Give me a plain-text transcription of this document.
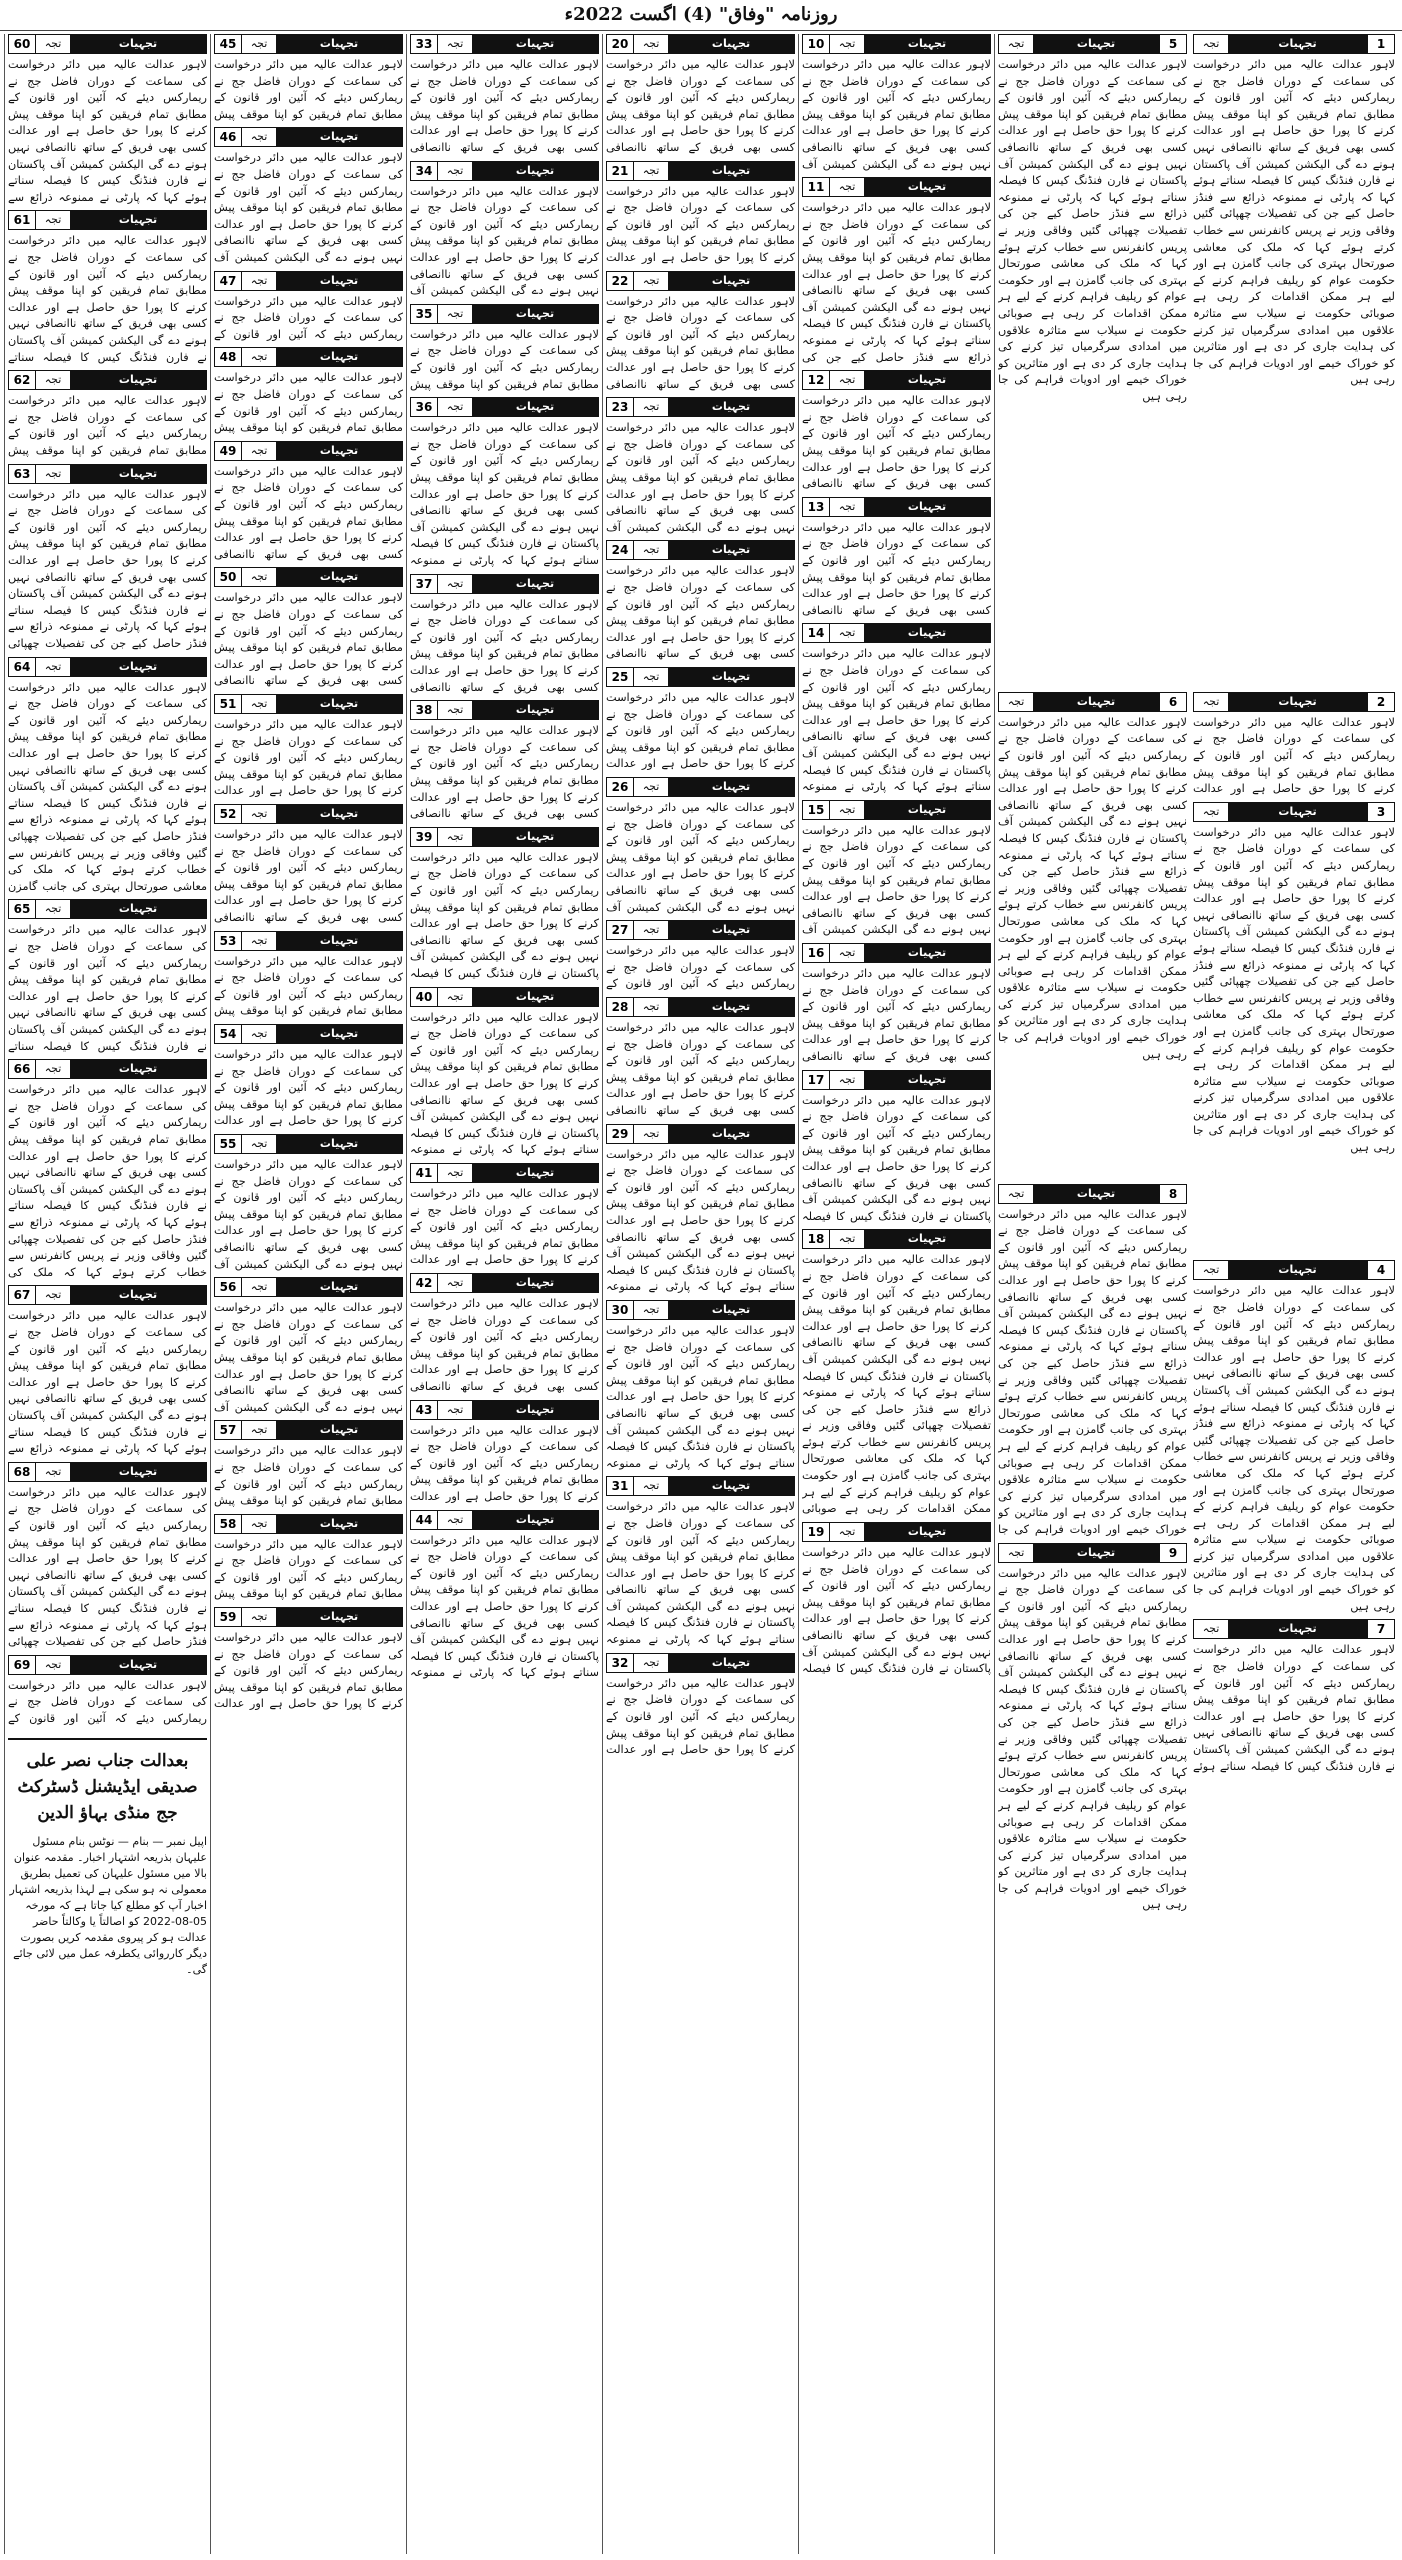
روزنامہ "وفاق" (4) اگست 2022ء
1
تجہیات
تجہ
لاہور عدالت عالیہ میں دائر درخواست کی سماعت کے دوران فاضل جج نے ریمارکس دیئے کہ آئین اور قانون کے مطابق تمام فریقین کو اپنا موقف پیش کرنے کا پورا حق حاصل ہے اور عدالت کسی بھی فریق کے ساتھ ناانصافی نہیں ہونے دے گی الیکشن کمیشن آف پاکستان نے فارن فنڈنگ کیس کا فیصلہ سناتے ہوئے کہا کہ پارٹی نے ممنوعہ ذرائع سے فنڈز حاصل کیے جن کی تفصیلات چھپائی گئیں وفاقی وزیر نے پریس کانفرنس سے خطاب کرتے ہوئے کہا کہ ملک کی معاشی صورتحال بہتری کی جانب گامزن ہے اور حکومت عوام کو ریلیف فراہم کرنے کے لیے ہر ممکن اقدامات کر رہی ہے صوبائی حکومت نے سیلاب سے متاثرہ علاقوں میں امدادی سرگرمیاں تیز کرنے کی ہدایت جاری کر دی ہے اور متاثرین کو خوراک خیمے اور ادویات فراہم کی جا رہی ہیں
2
تجہیات
تجہ
لاہور عدالت عالیہ میں دائر درخواست کی سماعت کے دوران فاضل جج نے ریمارکس دیئے کہ آئین اور قانون کے مطابق تمام فریقین کو اپنا موقف پیش کرنے کا پورا حق حاصل ہے اور عدالت
3
تجہیات
تجہ
لاہور عدالت عالیہ میں دائر درخواست کی سماعت کے دوران فاضل جج نے ریمارکس دیئے کہ آئین اور قانون کے مطابق تمام فریقین کو اپنا موقف پیش کرنے کا پورا حق حاصل ہے اور عدالت کسی بھی فریق کے ساتھ ناانصافی نہیں ہونے دے گی الیکشن کمیشن آف پاکستان نے فارن فنڈنگ کیس کا فیصلہ سناتے ہوئے کہا کہ پارٹی نے ممنوعہ ذرائع سے فنڈز حاصل کیے جن کی تفصیلات چھپائی گئیں وفاقی وزیر نے پریس کانفرنس سے خطاب کرتے ہوئے کہا کہ ملک کی معاشی صورتحال بہتری کی جانب گامزن ہے اور حکومت عوام کو ریلیف فراہم کرنے کے لیے ہر ممکن اقدامات کر رہی ہے صوبائی حکومت نے سیلاب سے متاثرہ علاقوں میں امدادی سرگرمیاں تیز کرنے کی ہدایت جاری کر دی ہے اور متاثرین کو خوراک خیمے اور ادویات فراہم کی جا رہی ہیں
4
تجہیات
تجہ
لاہور عدالت عالیہ میں دائر درخواست کی سماعت کے دوران فاضل جج نے ریمارکس دیئے کہ آئین اور قانون کے مطابق تمام فریقین کو اپنا موقف پیش کرنے کا پورا حق حاصل ہے اور عدالت کسی بھی فریق کے ساتھ ناانصافی نہیں ہونے دے گی الیکشن کمیشن آف پاکستان نے فارن فنڈنگ کیس کا فیصلہ سناتے ہوئے کہا کہ پارٹی نے ممنوعہ ذرائع سے فنڈز حاصل کیے جن کی تفصیلات چھپائی گئیں وفاقی وزیر نے پریس کانفرنس سے خطاب کرتے ہوئے کہا کہ ملک کی معاشی صورتحال بہتری کی جانب گامزن ہے اور حکومت عوام کو ریلیف فراہم کرنے کے لیے ہر ممکن اقدامات کر رہی ہے صوبائی حکومت نے سیلاب سے متاثرہ علاقوں میں امدادی سرگرمیاں تیز کرنے کی ہدایت جاری کر دی ہے اور متاثرین کو خوراک خیمے اور ادویات فراہم کی جا رہی ہیں
7
تجہیات
تجہ
لاہور عدالت عالیہ میں دائر درخواست کی سماعت کے دوران فاضل جج نے ریمارکس دیئے کہ آئین اور قانون کے مطابق تمام فریقین کو اپنا موقف پیش کرنے کا پورا حق حاصل ہے اور عدالت کسی بھی فریق کے ساتھ ناانصافی نہیں ہونے دے گی الیکشن کمیشن آف پاکستان نے فارن فنڈنگ کیس کا فیصلہ سناتے ہوئے
5
تجہیات
تجہ
لاہور عدالت عالیہ میں دائر درخواست کی سماعت کے دوران فاضل جج نے ریمارکس دیئے کہ آئین اور قانون کے مطابق تمام فریقین کو اپنا موقف پیش کرنے کا پورا حق حاصل ہے اور عدالت کسی بھی فریق کے ساتھ ناانصافی نہیں ہونے دے گی الیکشن کمیشن آف پاکستان نے فارن فنڈنگ کیس کا فیصلہ سناتے ہوئے کہا کہ پارٹی نے ممنوعہ ذرائع سے فنڈز حاصل کیے جن کی تفصیلات چھپائی گئیں وفاقی وزیر نے پریس کانفرنس سے خطاب کرتے ہوئے کہا کہ ملک کی معاشی صورتحال بہتری کی جانب گامزن ہے اور حکومت عوام کو ریلیف فراہم کرنے کے لیے ہر ممکن اقدامات کر رہی ہے صوبائی حکومت نے سیلاب سے متاثرہ علاقوں میں امدادی سرگرمیاں تیز کرنے کی ہدایت جاری کر دی ہے اور متاثرین کو خوراک خیمے اور ادویات فراہم کی جا رہی ہیں
6
تجہیات
تجہ
لاہور عدالت عالیہ میں دائر درخواست کی سماعت کے دوران فاضل جج نے ریمارکس دیئے کہ آئین اور قانون کے مطابق تمام فریقین کو اپنا موقف پیش کرنے کا پورا حق حاصل ہے اور عدالت کسی بھی فریق کے ساتھ ناانصافی نہیں ہونے دے گی الیکشن کمیشن آف پاکستان نے فارن فنڈنگ کیس کا فیصلہ سناتے ہوئے کہا کہ پارٹی نے ممنوعہ ذرائع سے فنڈز حاصل کیے جن کی تفصیلات چھپائی گئیں وفاقی وزیر نے پریس کانفرنس سے خطاب کرتے ہوئے کہا کہ ملک کی معاشی صورتحال بہتری کی جانب گامزن ہے اور حکومت عوام کو ریلیف فراہم کرنے کے لیے ہر ممکن اقدامات کر رہی ہے صوبائی حکومت نے سیلاب سے متاثرہ علاقوں میں امدادی سرگرمیاں تیز کرنے کی ہدایت جاری کر دی ہے اور متاثرین کو خوراک خیمے اور ادویات فراہم کی جا رہی ہیں
8
تجہیات
تجہ
لاہور عدالت عالیہ میں دائر درخواست کی سماعت کے دوران فاضل جج نے ریمارکس دیئے کہ آئین اور قانون کے مطابق تمام فریقین کو اپنا موقف پیش کرنے کا پورا حق حاصل ہے اور عدالت کسی بھی فریق کے ساتھ ناانصافی نہیں ہونے دے گی الیکشن کمیشن آف پاکستان نے فارن فنڈنگ کیس کا فیصلہ سناتے ہوئے کہا کہ پارٹی نے ممنوعہ ذرائع سے فنڈز حاصل کیے جن کی تفصیلات چھپائی گئیں وفاقی وزیر نے پریس کانفرنس سے خطاب کرتے ہوئے کہا کہ ملک کی معاشی صورتحال بہتری کی جانب گامزن ہے اور حکومت عوام کو ریلیف فراہم کرنے کے لیے ہر ممکن اقدامات کر رہی ہے صوبائی حکومت نے سیلاب سے متاثرہ علاقوں میں امدادی سرگرمیاں تیز کرنے کی ہدایت جاری کر دی ہے اور متاثرین کو خوراک خیمے اور ادویات فراہم کی جا
9
تجہیات
تجہ
لاہور عدالت عالیہ میں دائر درخواست کی سماعت کے دوران فاضل جج نے ریمارکس دیئے کہ آئین اور قانون کے مطابق تمام فریقین کو اپنا موقف پیش کرنے کا پورا حق حاصل ہے اور عدالت کسی بھی فریق کے ساتھ ناانصافی نہیں ہونے دے گی الیکشن کمیشن آف پاکستان نے فارن فنڈنگ کیس کا فیصلہ سناتے ہوئے کہا کہ پارٹی نے ممنوعہ ذرائع سے فنڈز حاصل کیے جن کی تفصیلات چھپائی گئیں وفاقی وزیر نے پریس کانفرنس سے خطاب کرتے ہوئے کہا کہ ملک کی معاشی صورتحال بہتری کی جانب گامزن ہے اور حکومت عوام کو ریلیف فراہم کرنے کے لیے ہر ممکن اقدامات کر رہی ہے صوبائی حکومت نے سیلاب سے متاثرہ علاقوں میں امدادی سرگرمیاں تیز کرنے کی ہدایت جاری کر دی ہے اور متاثرین کو خوراک خیمے اور ادویات فراہم کی جا رہی ہیں
10	تجہیات
تجہ
لاہور عدالت عالیہ میں دائر درخواست کی سماعت کے دوران فاضل جج نے ریمارکس دیئے کہ آئین اور قانون کے مطابق تمام فریقین کو اپنا موقف پیش کرنے کا پورا حق حاصل ہے اور عدالت کسی بھی فریق کے ساتھ ناانصافی نہیں ہونے دے گی الیکشن کمیشن آف
11	تجہیات
تجہ
لاہور عدالت عالیہ میں دائر درخواست کی سماعت کے دوران فاضل جج نے ریمارکس دیئے کہ آئین اور قانون کے مطابق تمام فریقین کو اپنا موقف پیش کرنے کا پورا حق حاصل ہے اور عدالت کسی بھی فریق کے ساتھ ناانصافی نہیں ہونے دے گی الیکشن کمیشن آف پاکستان نے فارن فنڈنگ کیس کا فیصلہ سناتے ہوئے کہا کہ پارٹی نے ممنوعہ ذرائع سے فنڈز حاصل کیے جن کی
12	تجہیات
تجہ
لاہور عدالت عالیہ میں دائر درخواست کی سماعت کے دوران فاضل جج نے ریمارکس دیئے کہ آئین اور قانون کے مطابق تمام فریقین کو اپنا موقف پیش کرنے کا پورا حق حاصل ہے اور عدالت کسی بھی فریق کے ساتھ ناانصافی
13	تجہیات
تجہ
لاہور عدالت عالیہ میں دائر درخواست کی سماعت کے دوران فاضل جج نے ریمارکس دیئے کہ آئین اور قانون کے مطابق تمام فریقین کو اپنا موقف پیش کرنے کا پورا حق حاصل ہے اور عدالت کسی بھی فریق کے ساتھ ناانصافی
14	تجہیات
تجہ
لاہور عدالت عالیہ میں دائر درخواست کی سماعت کے دوران فاضل جج نے ریمارکس دیئے کہ آئین اور قانون کے مطابق تمام فریقین کو اپنا موقف پیش کرنے کا پورا حق حاصل ہے اور عدالت کسی بھی فریق کے ساتھ ناانصافی نہیں ہونے دے گی الیکشن کمیشن آف پاکستان نے فارن فنڈنگ کیس کا فیصلہ سناتے ہوئے کہا کہ پارٹی نے ممنوعہ
15	تجہیات
تجہ
لاہور عدالت عالیہ میں دائر درخواست کی سماعت کے دوران فاضل جج نے ریمارکس دیئے کہ آئین اور قانون کے مطابق تمام فریقین کو اپنا موقف پیش کرنے کا پورا حق حاصل ہے اور عدالت کسی بھی فریق کے ساتھ ناانصافی نہیں ہونے دے گی الیکشن کمیشن آف
16	تجہیات
تجہ
لاہور عدالت عالیہ میں دائر درخواست کی سماعت کے دوران فاضل جج نے ریمارکس دیئے کہ آئین اور قانون کے مطابق تمام فریقین کو اپنا موقف پیش کرنے کا پورا حق حاصل ہے اور عدالت کسی بھی فریق کے ساتھ ناانصافی
17	تجہیات
تجہ
لاہور عدالت عالیہ میں دائر درخواست کی سماعت کے دوران فاضل جج نے ریمارکس دیئے کہ آئین اور قانون کے مطابق تمام فریقین کو اپنا موقف پیش کرنے کا پورا حق حاصل ہے اور عدالت کسی بھی فریق کے ساتھ ناانصافی نہیں ہونے دے گی الیکشن کمیشن آف پاکستان نے فارن فنڈنگ کیس کا فیصلہ
18	تجہیات
تجہ
لاہور عدالت عالیہ میں دائر درخواست کی سماعت کے دوران فاضل جج نے ریمارکس دیئے کہ آئین اور قانون کے مطابق تمام فریقین کو اپنا موقف پیش کرنے کا پورا حق حاصل ہے اور عدالت کسی بھی فریق کے ساتھ ناانصافی نہیں ہونے دے گی الیکشن کمیشن آف پاکستان نے فارن فنڈنگ کیس کا فیصلہ سناتے ہوئے کہا کہ پارٹی نے ممنوعہ ذرائع سے فنڈز حاصل کیے جن کی تفصیلات چھپائی گئیں وفاقی وزیر نے پریس کانفرنس سے خطاب کرتے ہوئے کہا کہ ملک کی معاشی صورتحال بہتری کی جانب گامزن ہے اور حکومت عوام کو ریلیف فراہم کرنے کے لیے ہر ممکن اقدامات کر رہی ہے صوبائی
19	تجہیات
تجہ
لاہور عدالت عالیہ میں دائر درخواست کی سماعت کے دوران فاضل جج نے ریمارکس دیئے کہ آئین اور قانون کے مطابق تمام فریقین کو اپنا موقف پیش کرنے کا پورا حق حاصل ہے اور عدالت کسی بھی فریق کے ساتھ ناانصافی نہیں ہونے دے گی الیکشن کمیشن آف پاکستان نے فارن فنڈنگ کیس کا فیصلہ
20	تجہیات
تجہ
لاہور عدالت عالیہ میں دائر درخواست کی سماعت کے دوران فاضل جج نے ریمارکس دیئے کہ آئین اور قانون کے مطابق تمام فریقین کو اپنا موقف پیش کرنے کا پورا حق حاصل ہے اور عدالت کسی بھی فریق کے ساتھ ناانصافی
21	تجہیات
تجہ
لاہور عدالت عالیہ میں دائر درخواست کی سماعت کے دوران فاضل جج نے ریمارکس دیئے کہ آئین اور قانون کے مطابق تمام فریقین کو اپنا موقف پیش کرنے کا پورا حق حاصل ہے اور عدالت
22	تجہیات
تجہ
لاہور عدالت عالیہ میں دائر درخواست کی سماعت کے دوران فاضل جج نے ریمارکس دیئے کہ آئین اور قانون کے مطابق تمام فریقین کو اپنا موقف پیش کرنے کا پورا حق حاصل ہے اور عدالت کسی بھی فریق کے ساتھ ناانصافی
23	تجہیات
تجہ
لاہور عدالت عالیہ میں دائر درخواست کی سماعت کے دوران فاضل جج نے ریمارکس دیئے کہ آئین اور قانون کے مطابق تمام فریقین کو اپنا موقف پیش کرنے کا پورا حق حاصل ہے اور عدالت کسی بھی فریق کے ساتھ ناانصافی نہیں ہونے دے گی الیکشن کمیشن آف
24	تجہیات
تجہ
لاہور عدالت عالیہ میں دائر درخواست کی سماعت کے دوران فاضل جج نے ریمارکس دیئے کہ آئین اور قانون کے مطابق تمام فریقین کو اپنا موقف پیش کرنے کا پورا حق حاصل ہے اور عدالت کسی بھی فریق کے ساتھ ناانصافی
25	تجہیات
تجہ
لاہور عدالت عالیہ میں دائر درخواست کی سماعت کے دوران فاضل جج نے ریمارکس دیئے کہ آئین اور قانون کے مطابق تمام فریقین کو اپنا موقف پیش کرنے کا پورا حق حاصل ہے اور عدالت
26	تجہیات
تجہ
لاہور عدالت عالیہ میں دائر درخواست کی سماعت کے دوران فاضل جج نے ریمارکس دیئے کہ آئین اور قانون کے مطابق تمام فریقین کو اپنا موقف پیش کرنے کا پورا حق حاصل ہے اور عدالت کسی بھی فریق کے ساتھ ناانصافی نہیں ہونے دے گی الیکشن کمیشن آف
27	تجہیات
تجہ
لاہور عدالت عالیہ میں دائر درخواست کی سماعت کے دوران فاضل جج نے ریمارکس دیئے کہ آئین اور قانون کے
28	تجہیات
تجہ
لاہور عدالت عالیہ میں دائر درخواست کی سماعت کے دوران فاضل جج نے ریمارکس دیئے کہ آئین اور قانون کے مطابق تمام فریقین کو اپنا موقف پیش کرنے کا پورا حق حاصل ہے اور عدالت کسی بھی فریق کے ساتھ ناانصافی
29	تجہیات
تجہ
لاہور عدالت عالیہ میں دائر درخواست کی سماعت کے دوران فاضل جج نے ریمارکس دیئے کہ آئین اور قانون کے مطابق تمام فریقین کو اپنا موقف پیش کرنے کا پورا حق حاصل ہے اور عدالت کسی بھی فریق کے ساتھ ناانصافی نہیں ہونے دے گی الیکشن کمیشن آف پاکستان نے فارن فنڈنگ کیس کا فیصلہ سناتے ہوئے کہا کہ پارٹی نے ممنوعہ
30	تجہیات
تجہ
لاہور عدالت عالیہ میں دائر درخواست کی سماعت کے دوران فاضل جج نے ریمارکس دیئے کہ آئین اور قانون کے مطابق تمام فریقین کو اپنا موقف پیش کرنے کا پورا حق حاصل ہے اور عدالت کسی بھی فریق کے ساتھ ناانصافی نہیں ہونے دے گی الیکشن کمیشن آف پاکستان نے فارن فنڈنگ کیس کا فیصلہ سناتے ہوئے کہا کہ پارٹی نے ممنوعہ
31	تجہیات
تجہ
لاہور عدالت عالیہ میں دائر درخواست کی سماعت کے دوران فاضل جج نے ریمارکس دیئے کہ آئین اور قانون کے مطابق تمام فریقین کو اپنا موقف پیش کرنے کا پورا حق حاصل ہے اور عدالت کسی بھی فریق کے ساتھ ناانصافی نہیں ہونے دے گی الیکشن کمیشن آف پاکستان نے فارن فنڈنگ کیس کا فیصلہ سناتے ہوئے کہا کہ پارٹی نے ممنوعہ
32	تجہیات
تجہ
لاہور عدالت عالیہ میں دائر درخواست کی سماعت کے دوران فاضل جج نے ریمارکس دیئے کہ آئین اور قانون کے مطابق تمام فریقین کو اپنا موقف پیش کرنے کا پورا حق حاصل ہے اور عدالت
33	تجہیات
تجہ
لاہور عدالت عالیہ میں دائر درخواست کی سماعت کے دوران فاضل جج نے ریمارکس دیئے کہ آئین اور قانون کے مطابق تمام فریقین کو اپنا موقف پیش کرنے کا پورا حق حاصل ہے اور عدالت کسی بھی فریق کے ساتھ ناانصافی
34	تجہیات
تجہ
لاہور عدالت عالیہ میں دائر درخواست کی سماعت کے دوران فاضل جج نے ریمارکس دیئے کہ آئین اور قانون کے مطابق تمام فریقین کو اپنا موقف پیش کرنے کا پورا حق حاصل ہے اور عدالت کسی بھی فریق کے ساتھ ناانصافی نہیں ہونے دے گی الیکشن کمیشن آف
35	تجہیات
تجہ
لاہور عدالت عالیہ میں دائر درخواست کی سماعت کے دوران فاضل جج نے ریمارکس دیئے کہ آئین اور قانون کے مطابق تمام فریقین کو اپنا موقف پیش
36	تجہیات
تجہ
لاہور عدالت عالیہ میں دائر درخواست کی سماعت کے دوران فاضل جج نے ریمارکس دیئے کہ آئین اور قانون کے مطابق تمام فریقین کو اپنا موقف پیش کرنے کا پورا حق حاصل ہے اور عدالت کسی بھی فریق کے ساتھ ناانصافی نہیں ہونے دے گی الیکشن کمیشن آف پاکستان نے فارن فنڈنگ کیس کا فیصلہ سناتے ہوئے کہا کہ پارٹی نے ممنوعہ
37	تجہیات
تجہ
لاہور عدالت عالیہ میں دائر درخواست کی سماعت کے دوران فاضل جج نے ریمارکس دیئے کہ آئین اور قانون کے مطابق تمام فریقین کو اپنا موقف پیش کرنے کا پورا حق حاصل ہے اور عدالت کسی بھی فریق کے ساتھ ناانصافی
38	تجہیات
تجہ
لاہور عدالت عالیہ میں دائر درخواست کی سماعت کے دوران فاضل جج نے ریمارکس دیئے کہ آئین اور قانون کے مطابق تمام فریقین کو اپنا موقف پیش کرنے کا پورا حق حاصل ہے اور عدالت کسی بھی فریق کے ساتھ ناانصافی
39	تجہیات
تجہ
لاہور عدالت عالیہ میں دائر درخواست کی سماعت کے دوران فاضل جج نے ریمارکس دیئے کہ آئین اور قانون کے مطابق تمام فریقین کو اپنا موقف پیش کرنے کا پورا حق حاصل ہے اور عدالت کسی بھی فریق کے ساتھ ناانصافی نہیں ہونے دے گی الیکشن کمیشن آف پاکستان نے فارن فنڈنگ کیس کا فیصلہ
40	تجہیات
تجہ
لاہور عدالت عالیہ میں دائر درخواست کی سماعت کے دوران فاضل جج نے ریمارکس دیئے کہ آئین اور قانون کے مطابق تمام فریقین کو اپنا موقف پیش کرنے کا پورا حق حاصل ہے اور عدالت کسی بھی فریق کے ساتھ ناانصافی نہیں ہونے دے گی الیکشن کمیشن آف پاکستان نے فارن فنڈنگ کیس کا فیصلہ سناتے ہوئے کہا کہ پارٹی نے ممنوعہ
41	تجہیات
تجہ
لاہور عدالت عالیہ میں دائر درخواست کی سماعت کے دوران فاضل جج نے ریمارکس دیئے کہ آئین اور قانون کے مطابق تمام فریقین کو اپنا موقف پیش کرنے کا پورا حق حاصل ہے اور عدالت
42	تجہیات
تجہ
لاہور عدالت عالیہ میں دائر درخواست کی سماعت کے دوران فاضل جج نے ریمارکس دیئے کہ آئین اور قانون کے مطابق تمام فریقین کو اپنا موقف پیش کرنے کا پورا حق حاصل ہے اور عدالت کسی بھی فریق کے ساتھ ناانصافی
43	تجہیات
تجہ
لاہور عدالت عالیہ میں دائر درخواست کی سماعت کے دوران فاضل جج نے ریمارکس دیئے کہ آئین اور قانون کے مطابق تمام فریقین کو اپنا موقف پیش کرنے کا پورا حق حاصل ہے اور عدالت
44	تجہیات
تجہ
لاہور عدالت عالیہ میں دائر درخواست کی سماعت کے دوران فاضل جج نے ریمارکس دیئے کہ آئین اور قانون کے مطابق تمام فریقین کو اپنا موقف پیش کرنے کا پورا حق حاصل ہے اور عدالت کسی بھی فریق کے ساتھ ناانصافی نہیں ہونے دے گی الیکشن کمیشن آف پاکستان نے فارن فنڈنگ کیس کا فیصلہ سناتے ہوئے کہا کہ پارٹی نے ممنوعہ
45	تجہیات
تجہ
لاہور عدالت عالیہ میں دائر درخواست کی سماعت کے دوران فاضل جج نے ریمارکس دیئے کہ آئین اور قانون کے مطابق تمام فریقین کو اپنا موقف پیش
46	تجہیات
تجہ
لاہور عدالت عالیہ میں دائر درخواست کی سماعت کے دوران فاضل جج نے ریمارکس دیئے کہ آئین اور قانون کے مطابق تمام فریقین کو اپنا موقف پیش کرنے کا پورا حق حاصل ہے اور عدالت کسی بھی فریق کے ساتھ ناانصافی نہیں ہونے دے گی الیکشن کمیشن آف
47	تجہیات
تجہ
لاہور عدالت عالیہ میں دائر درخواست کی سماعت کے دوران فاضل جج نے ریمارکس دیئے کہ آئین اور قانون کے
48	تجہیات
تجہ
لاہور عدالت عالیہ میں دائر درخواست کی سماعت کے دوران فاضل جج نے ریمارکس دیئے کہ آئین اور قانون کے مطابق تمام فریقین کو اپنا موقف پیش
49	تجہیات
تجہ
لاہور عدالت عالیہ میں دائر درخواست کی سماعت کے دوران فاضل جج نے ریمارکس دیئے کہ آئین اور قانون کے مطابق تمام فریقین کو اپنا موقف پیش کرنے کا پورا حق حاصل ہے اور عدالت کسی بھی فریق کے ساتھ ناانصافی
50	تجہیات
تجہ
لاہور عدالت عالیہ میں دائر درخواست کی سماعت کے دوران فاضل جج نے ریمارکس دیئے کہ آئین اور قانون کے مطابق تمام فریقین کو اپنا موقف پیش کرنے کا پورا حق حاصل ہے اور عدالت کسی بھی فریق کے ساتھ ناانصافی
51	تجہیات
تجہ
لاہور عدالت عالیہ میں دائر درخواست کی سماعت کے دوران فاضل جج نے ریمارکس دیئے کہ آئین اور قانون کے مطابق تمام فریقین کو اپنا موقف پیش کرنے کا پورا حق حاصل ہے اور عدالت
52	تجہیات
تجہ
لاہور عدالت عالیہ میں دائر درخواست کی سماعت کے دوران فاضل جج نے ریمارکس دیئے کہ آئین اور قانون کے مطابق تمام فریقین کو اپنا موقف پیش کرنے کا پورا حق حاصل ہے اور عدالت کسی بھی فریق کے ساتھ ناانصافی
53	تجہیات
تجہ
لاہور عدالت عالیہ میں دائر درخواست کی سماعت کے دوران فاضل جج نے ریمارکس دیئے کہ آئین اور قانون کے مطابق تمام فریقین کو اپنا موقف پیش
54	تجہیات
تجہ
لاہور عدالت عالیہ میں دائر درخواست کی سماعت کے دوران فاضل جج نے ریمارکس دیئے کہ آئین اور قانون کے مطابق تمام فریقین کو اپنا موقف پیش کرنے کا پورا حق حاصل ہے اور عدالت
55	تجہیات
تجہ
لاہور عدالت عالیہ میں دائر درخواست کی سماعت کے دوران فاضل جج نے ریمارکس دیئے کہ آئین اور قانون کے مطابق تمام فریقین کو اپنا موقف پیش کرنے کا پورا حق حاصل ہے اور عدالت کسی بھی فریق کے ساتھ ناانصافی نہیں ہونے دے گی الیکشن کمیشن آف
56	تجہیات
تجہ
لاہور عدالت عالیہ میں دائر درخواست کی سماعت کے دوران فاضل جج نے ریمارکس دیئے کہ آئین اور قانون کے مطابق تمام فریقین کو اپنا موقف پیش کرنے کا پورا حق حاصل ہے اور عدالت کسی بھی فریق کے ساتھ ناانصافی نہیں ہونے دے گی الیکشن کمیشن آف
57	تجہیات
تجہ
لاہور عدالت عالیہ میں دائر درخواست کی سماعت کے دوران فاضل جج نے ریمارکس دیئے کہ آئین اور قانون کے مطابق تمام فریقین کو اپنا موقف پیش
58	تجہیات
تجہ
لاہور عدالت عالیہ میں دائر درخواست کی سماعت کے دوران فاضل جج نے ریمارکس دیئے کہ آئین اور قانون کے مطابق تمام فریقین کو اپنا موقف پیش
59	تجہیات
تجہ
لاہور عدالت عالیہ میں دائر درخواست کی سماعت کے دوران فاضل جج نے ریمارکس دیئے کہ آئین اور قانون کے مطابق تمام فریقین کو اپنا موقف پیش کرنے کا پورا حق حاصل ہے اور عدالت
60	تجہیات
تجہ
لاہور عدالت عالیہ میں دائر درخواست کی سماعت کے دوران فاضل جج نے ریمارکس دیئے کہ آئین اور قانون کے مطابق تمام فریقین کو اپنا موقف پیش کرنے کا پورا حق حاصل ہے اور عدالت کسی بھی فریق کے ساتھ ناانصافی نہیں ہونے دے گی الیکشن کمیشن آف پاکستان نے فارن فنڈنگ کیس کا فیصلہ سناتے ہوئے کہا کہ پارٹی نے ممنوعہ ذرائع سے
61	تجہیات
تجہ
لاہور عدالت عالیہ میں دائر درخواست کی سماعت کے دوران فاضل جج نے ریمارکس دیئے کہ آئین اور قانون کے مطابق تمام فریقین کو اپنا موقف پیش کرنے کا پورا حق حاصل ہے اور عدالت کسی بھی فریق کے ساتھ ناانصافی نہیں ہونے دے گی الیکشن کمیشن آف پاکستان نے فارن فنڈنگ کیس کا فیصلہ سناتے
62	تجہیات
تجہ
لاہور عدالت عالیہ میں دائر درخواست کی سماعت کے دوران فاضل جج نے ریمارکس دیئے کہ آئین اور قانون کے مطابق تمام فریقین کو اپنا موقف پیش
63	تجہیات
تجہ
لاہور عدالت عالیہ میں دائر درخواست کی سماعت کے دوران فاضل جج نے ریمارکس دیئے کہ آئین اور قانون کے مطابق تمام فریقین کو اپنا موقف پیش کرنے کا پورا حق حاصل ہے اور عدالت کسی بھی فریق کے ساتھ ناانصافی نہیں ہونے دے گی الیکشن کمیشن آف پاکستان نے فارن فنڈنگ کیس کا فیصلہ سناتے ہوئے کہا کہ پارٹی نے ممنوعہ ذرائع سے فنڈز حاصل کیے جن کی تفصیلات چھپائی
64	تجہیات
تجہ
لاہور عدالت عالیہ میں دائر درخواست کی سماعت کے دوران فاضل جج نے ریمارکس دیئے کہ آئین اور قانون کے مطابق تمام فریقین کو اپنا موقف پیش کرنے کا پورا حق حاصل ہے اور عدالت کسی بھی فریق کے ساتھ ناانصافی نہیں ہونے دے گی الیکشن کمیشن آف پاکستان نے فارن فنڈنگ کیس کا فیصلہ سناتے ہوئے کہا کہ پارٹی نے ممنوعہ ذرائع سے فنڈز حاصل کیے جن کی تفصیلات چھپائی گئیں وفاقی وزیر نے پریس کانفرنس سے خطاب کرتے ہوئے کہا کہ ملک کی معاشی صورتحال بہتری کی جانب گامزن
65	تجہیات
تجہ
لاہور عدالت عالیہ میں دائر درخواست کی سماعت کے دوران فاضل جج نے ریمارکس دیئے کہ آئین اور قانون کے مطابق تمام فریقین کو اپنا موقف پیش کرنے کا پورا حق حاصل ہے اور عدالت کسی بھی فریق کے ساتھ ناانصافی نہیں ہونے دے گی الیکشن کمیشن آف پاکستان نے فارن فنڈنگ کیس کا فیصلہ سناتے
66	تجہیات
تجہ
لاہور عدالت عالیہ میں دائر درخواست کی سماعت کے دوران فاضل جج نے ریمارکس دیئے کہ آئین اور قانون کے مطابق تمام فریقین کو اپنا موقف پیش کرنے کا پورا حق حاصل ہے اور عدالت کسی بھی فریق کے ساتھ ناانصافی نہیں ہونے دے گی الیکشن کمیشن آف پاکستان نے فارن فنڈنگ کیس کا فیصلہ سناتے ہوئے کہا کہ پارٹی نے ممنوعہ ذرائع سے فنڈز حاصل کیے جن کی تفصیلات چھپائی گئیں وفاقی وزیر نے پریس کانفرنس سے خطاب کرتے ہوئے کہا کہ ملک کی
67	تجہیات
تجہ
لاہور عدالت عالیہ میں دائر درخواست کی سماعت کے دوران فاضل جج نے ریمارکس دیئے کہ آئین اور قانون کے مطابق تمام فریقین کو اپنا موقف پیش کرنے کا پورا حق حاصل ہے اور عدالت کسی بھی فریق کے ساتھ ناانصافی نہیں ہونے دے گی الیکشن کمیشن آف پاکستان نے فارن فنڈنگ کیس کا فیصلہ سناتے ہوئے کہا کہ پارٹی نے ممنوعہ ذرائع سے
68	تجہیات
تجہ
لاہور عدالت عالیہ میں دائر درخواست کی سماعت کے دوران فاضل جج نے ریمارکس دیئے کہ آئین اور قانون کے مطابق تمام فریقین کو اپنا موقف پیش کرنے کا پورا حق حاصل ہے اور عدالت کسی بھی فریق کے ساتھ ناانصافی نہیں ہونے دے گی الیکشن کمیشن آف پاکستان نے فارن فنڈنگ کیس کا فیصلہ سناتے ہوئے کہا کہ پارٹی نے ممنوعہ ذرائع سے فنڈز حاصل کیے جن کی تفصیلات چھپائی
69	تجہیات
تجہ
لاہور عدالت عالیہ میں دائر درخواست کی سماعت کے دوران فاضل جج نے ریمارکس دیئے کہ آئین اور قانون کے
بعدالت جناب نصر علی صدیقی ایڈیشنل ڈسٹرکٹ جج منڈی بہاؤ الدین
اپیل نمبر — بنام — نوٹس بنام مسئول علیہان بذریعہ اشتہار اخبار۔ مقدمہ عنوان بالا میں مسئول علیہان کی تعمیل بطریق معمولی نہ ہو سکی ہے لہذا بذریعہ اشتہار اخبار آپ کو مطلع کیا جاتا ہے کہ مورخہ 05-08-2022 کو اصالتاً یا وکالتاً حاضر عدالت ہو کر پیروی مقدمہ کریں بصورت دیگر کارروائی یکطرفہ عمل میں لائی جائے گی۔
